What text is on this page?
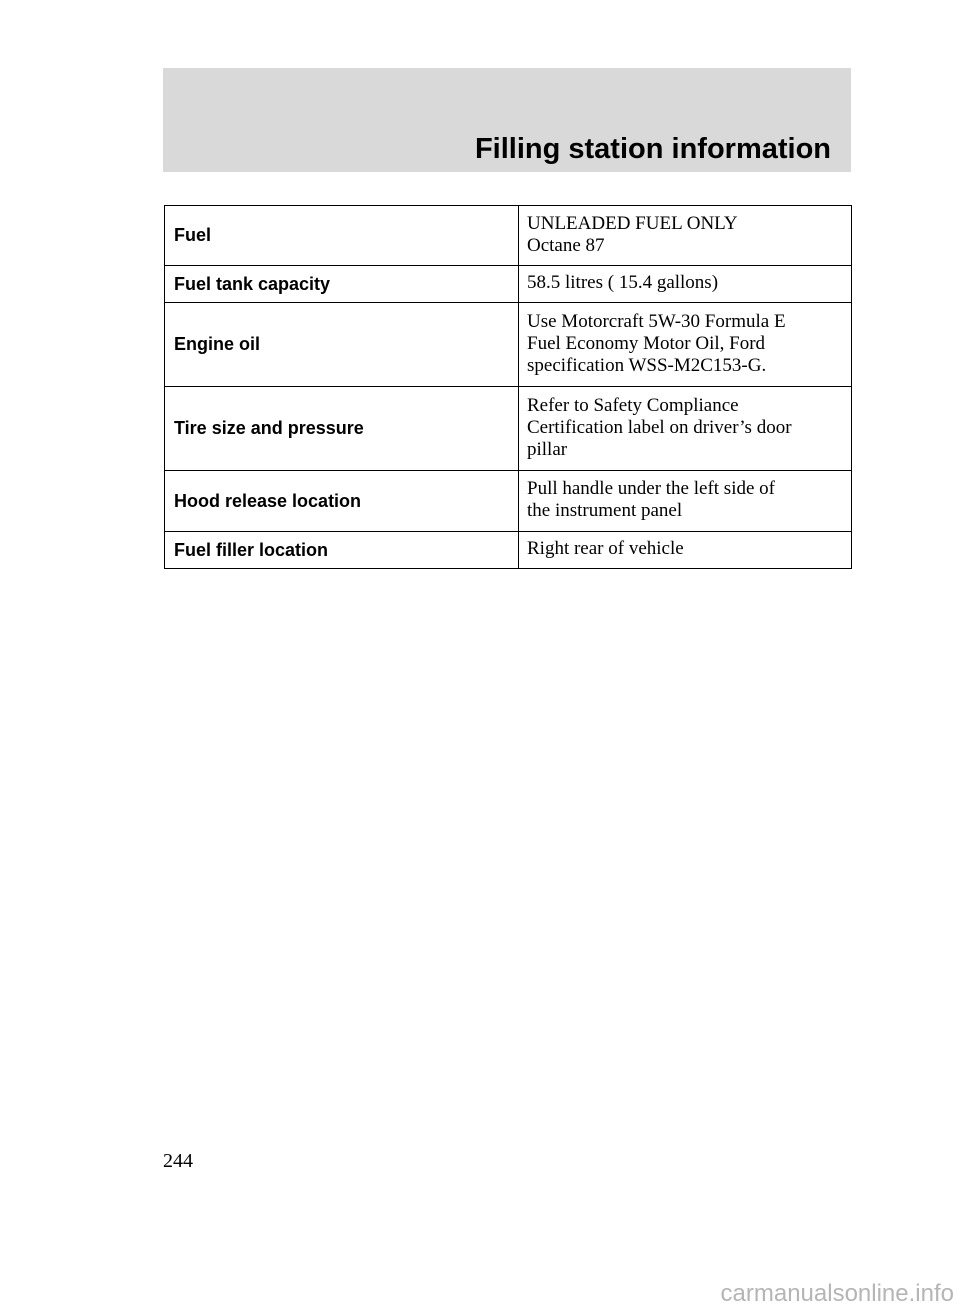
Filling station information
Fuel	UNLEADED FUEL ONLY
Octane 87

Fuel tank capacity	58.5 litres ( 15.4 gallons)

Engine oil	Use Motorcraft 5W-30 Formula E
Fuel Economy Motor Oil, Ford
specification WSS-M2C153-G.

Tire size and pressure	Refer to Safety Compliance
Certification label on driver’s door
pillar

Hood release location	Pull handle under the left side of
the instrument panel

Fuel filler location	Right rear of vehicle
244
carmanualsonline.info
